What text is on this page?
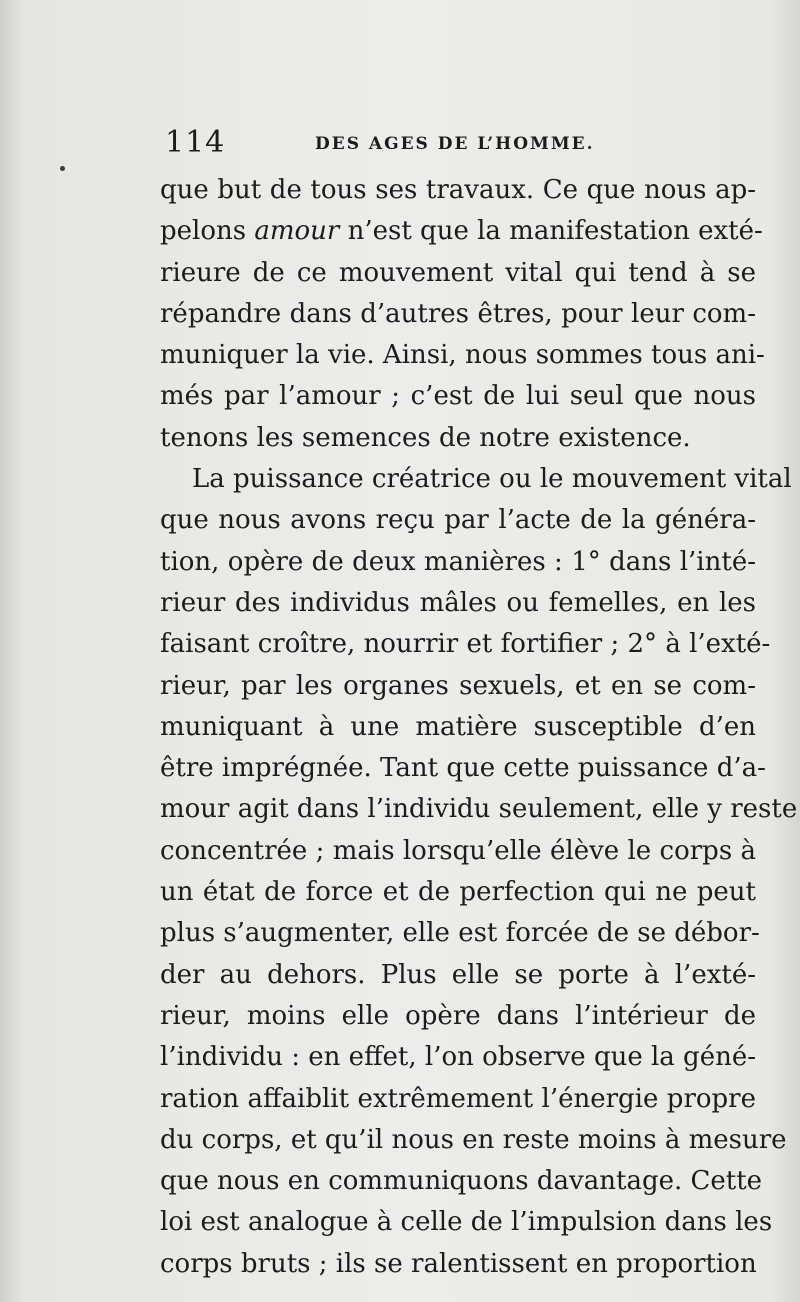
114	DES AGES DE L’HOMME.
que but de tous ses travaux. Ce que nous ap-
pelons amour n’est que la manifestation exté-
rieure de ce mouvement vital qui tend à se
répandre dans d’autres êtres, pour leur com-
muniquer la vie. Ainsi, nous sommes tous ani-
més par l’amour ; c’est de lui seul que nous
tenons les semences de notre existence.
La puissance créatrice ou le mouvement vital
que nous avons reçu par l’acte de la généra-
tion, opère de deux manières : 1° dans l’inté-
rieur des individus mâles ou femelles, en les
faisant croître, nourrir et fortifier ; 2° à l’exté-
rieur, par les organes sexuels, et en se com-
muniquant à une matière susceptible d’en
être imprégnée. Tant que cette puissance d’a-
mour agit dans l’individu seulement, elle y reste
concentrée ; mais lorsqu’elle élève le corps à
un état de force et de perfection qui ne peut
plus s’augmenter, elle est forcée de se débor-
der au dehors. Plus elle se porte à l’exté-
rieur, moins elle opère dans l’intérieur de
l’individu : en effet, l’on observe que la géné-
ration affaiblit extrêmement l’énergie propre
du corps, et qu’il nous en reste moins à mesure
que nous en communiquons davantage. Cette
loi est analogue à celle de l’impulsion dans les
corps bruts ; ils se ralentissent en proportion
